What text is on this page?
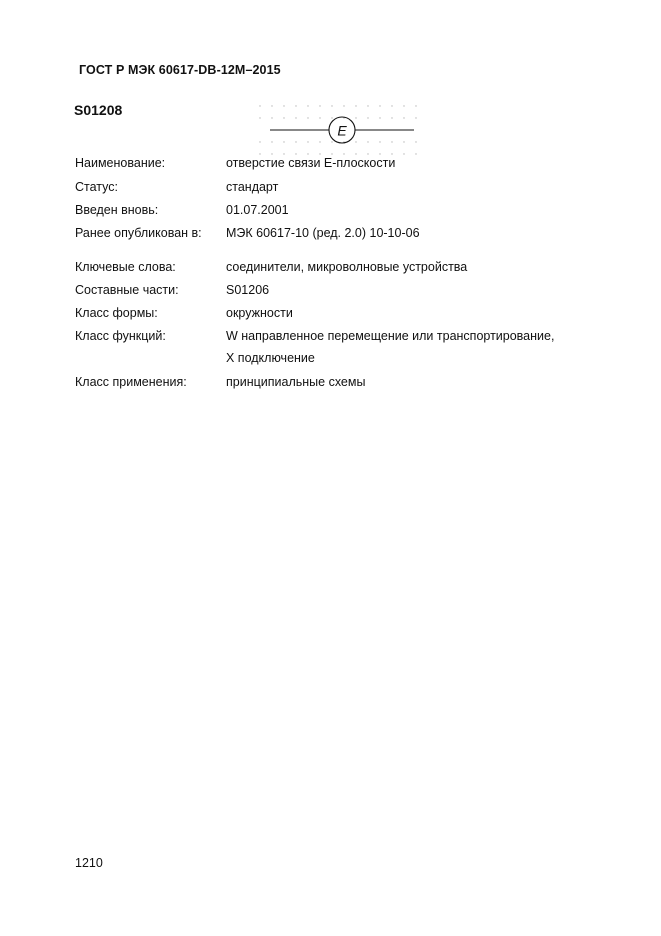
ГОСТ Р МЭК 60617-DB-12M–2015
S01208
E
Наименование:	отверстие связи E-плоскости
Статус:	стандарт
Введен вновь:	01.07.2001
Ранее опубликован в: МЭК 60617-10 (ред. 2.0) 10-10-06
Ключевые слова:	соединители, микроволновые устройства
Составные части:	S01206
Класс формы:	окружности
Класс функций:	W направленное перемещение или транспортирование,
X подключение
Класс применения:	принципиальные схемы
1210
